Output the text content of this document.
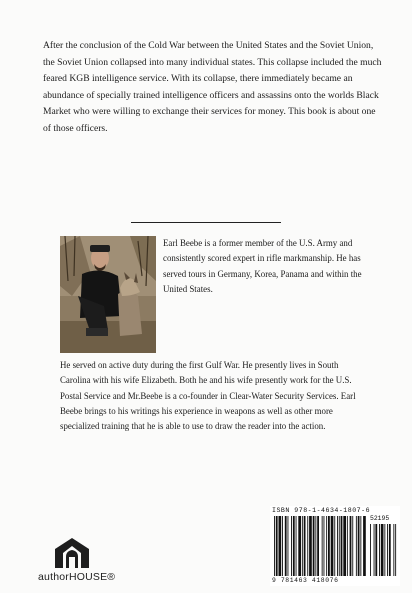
After the conclusion of the Cold War between the United States and the Soviet Union, the Soviet Union collapsed into many individual states. This collapse included the much feared KGB intelligence service. With its collapse, there immediately became an abundance of specially trained intelligence officers and assassins onto the worlds Black Market who were willing to exchange their services for money. This book is about one of those officers.

Earl Beebe is a former member of the U.S. Army and consistently scored expert in rifle markmanship. He has served tours in Germany, Korea, Panama and within the United States.

He served on active duty during the first Gulf War. He presently lives in South Carolina with his wife Elizabeth. Both he and his wife presently work for the U.S. Postal Service and Mr.Beebe is a co-founder in Clear-Water Security Services. Earl Beebe brings to his writings his experience in weapons as well as other more specialized training that he is able to use to draw the reader into the action.

authorHOUSE®
ISBN 978-1-4634-1807-6
52195
9 781463 418076
